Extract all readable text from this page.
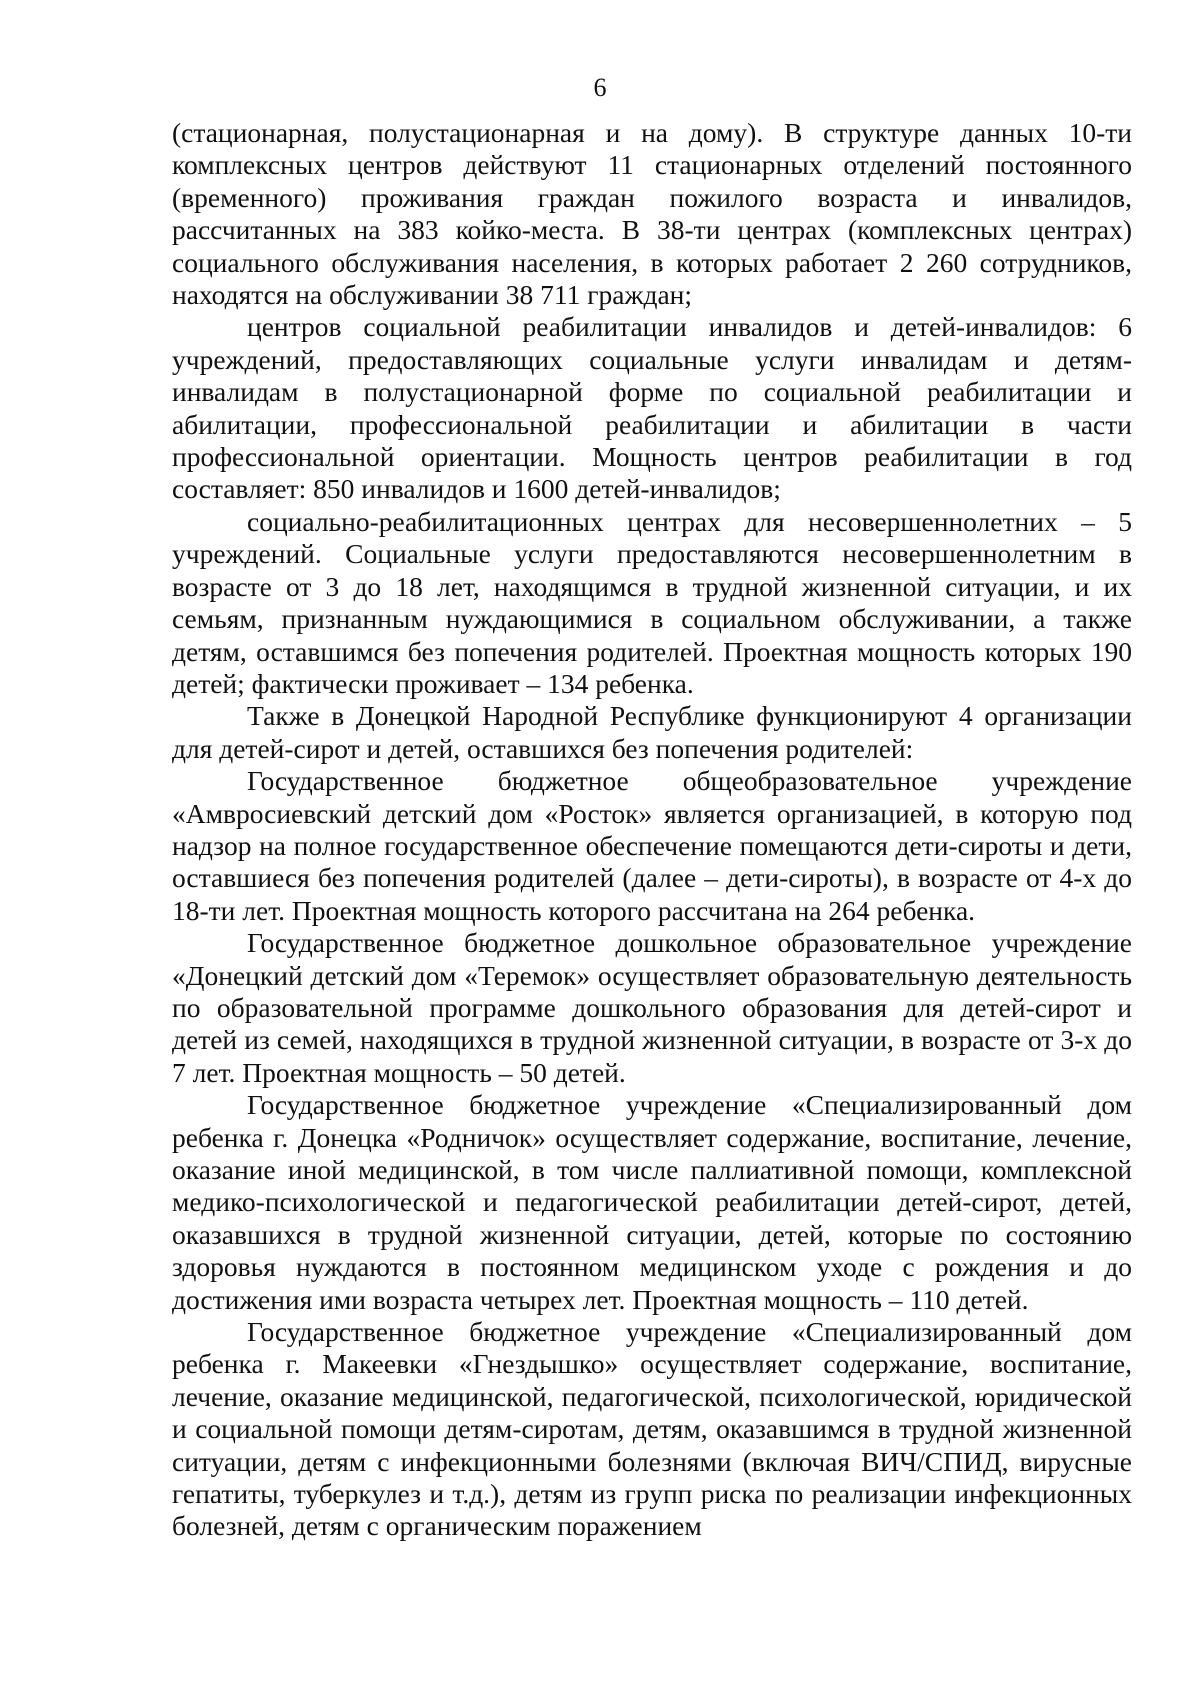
6

(стационарная, полустационарная и на дому). В структуре данных 10-ти комплексных центров действуют 11 стационарных отделений постоянного (временного) проживания граждан пожилого возраста и инвалидов, рассчитанных на 383 койко-места. В 38-ти центрах (комплексных центрах) социального обслуживания населения, в которых работает 2 260 сотрудников, находятся на обслуживании 38 711 граждан;

центров социальной реабилитации инвалидов и детей-инвалидов: 6 учреждений, предоставляющих социальные услуги инвалидам и детям-инвалидам в полустационарной форме по социальной реабилитации и абилитации, профессиональной реабилитации и абилитации в части профессиональной ориентации. Мощность центров реабилитации в год составляет: 850 инвалидов и 1600 детей-инвалидов;

социально-реабилитационных центрах для несовершеннолетних – 5 учреждений. Социальные услуги предоставляются несовершеннолетним в возрасте от 3 до 18 лет, находящимся в трудной жизненной ситуации, и их семьям, признанным нуждающимися в социальном обслуживании, а также детям, оставшимся без попечения родителей. Проектная мощность которых 190 детей; фактически проживает – 134 ребенка.

Также в Донецкой Народной Республике функционируют 4 организации для детей-сирот и детей, оставшихся без попечения родителей:

Государственное бюджетное общеобразовательное учреждение «Амвросиевский детский дом «Росток» является организацией, в которую под надзор на полное государственное обеспечение помещаются дети-сироты и дети, оставшиеся без попечения родителей (далее – дети-сироты), в возрасте от 4-х до 18-ти лет. Проектная мощность которого рассчитана на 264 ребенка.

Государственное бюджетное дошкольное образовательное учреждение «Донецкий детский дом «Теремок» осуществляет образовательную деятельность по образовательной программе дошкольного образования для детей-сирот и детей из семей, находящихся в трудной жизненной ситуации, в возрасте от 3-х до 7 лет. Проектная мощность – 50 детей.

Государственное бюджетное учреждение «Специализированный дом ребенка г. Донецка «Родничок» осуществляет содержание, воспитание, лечение, оказание иной медицинской, в том числе паллиативной помощи, комплексной медико-психологической и педагогической реабилитации детей-сирот, детей, оказавшихся в трудной жизненной ситуации, детей, которые по состоянию здоровья нуждаются в постоянном медицинском уходе с рождения и до достижения ими возраста четырех лет. Проектная мощность – 110 детей.

Государственное бюджетное учреждение «Специализированный дом ребенка г. Макеевки «Гнездышко» осуществляет содержание, воспитание, лечение, оказание медицинской, педагогической, психологической, юридической и социальной помощи детям-сиротам, детям, оказавшимся в трудной жизненной ситуации, детям с инфекционными болезнями (включая ВИЧ/СПИД, вирусные гепатиты, туберкулез и т.д.), детям из групп риска по реализации инфекционных болезней, детям с органическим поражением
